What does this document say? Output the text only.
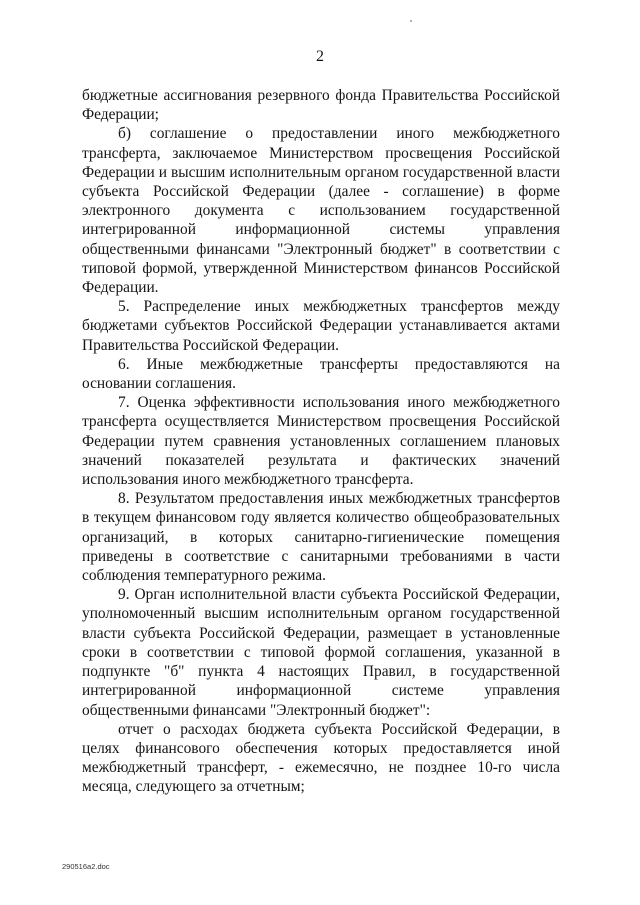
2

бюджетные ассигнования резервного фонда Правительства Российской Федерации;

б) соглашение о предоставлении иного межбюджетного трансферта, заключаемое Министерством просвещения Российской Федерации и высшим исполнительным органом государственной власти субъекта Российской Федерации (далее - соглашение) в форме электронного документа с использованием государственной интегрированной информационной системы управления общественными финансами "Электронный бюджет" в соответствии с типовой формой, утвержденной Министерством финансов Российской Федерации.

5. Распределение иных межбюджетных трансфертов между бюджетами субъектов Российской Федерации устанавливается актами Правительства Российской Федерации.

6. Иные межбюджетные трансферты предоставляются на основании соглашения.

7. Оценка эффективности использования иного межбюджетного трансферта осуществляется Министерством просвещения Российской Федерации путем сравнения установленных соглашением плановых значений показателей результата и фактических значений использования иного межбюджетного трансферта.

8. Результатом предоставления иных межбюджетных трансфертов в текущем финансовом году является количество общеобразовательных организаций, в которых санитарно-гигиенические помещения приведены в соответствие с санитарными требованиями в части соблюдения температурного режима.

9. Орган исполнительной власти субъекта Российской Федерации, уполномоченный высшим исполнительным органом государственной власти субъекта Российской Федерации, размещает в установленные сроки в соответствии с типовой формой соглашения, указанной в подпункте "б" пункта 4 настоящих Правил, в государственной интегрированной информационной системе управления общественными финансами "Электронный бюджет":

отчет о расходах бюджета субъекта Российской Федерации, в целях финансового обеспечения которых предоставляется иной межбюджетный трансферт, - ежемесячно, не позднее 10-го числа месяца, следующего за отчетным;

290516a2.doc
